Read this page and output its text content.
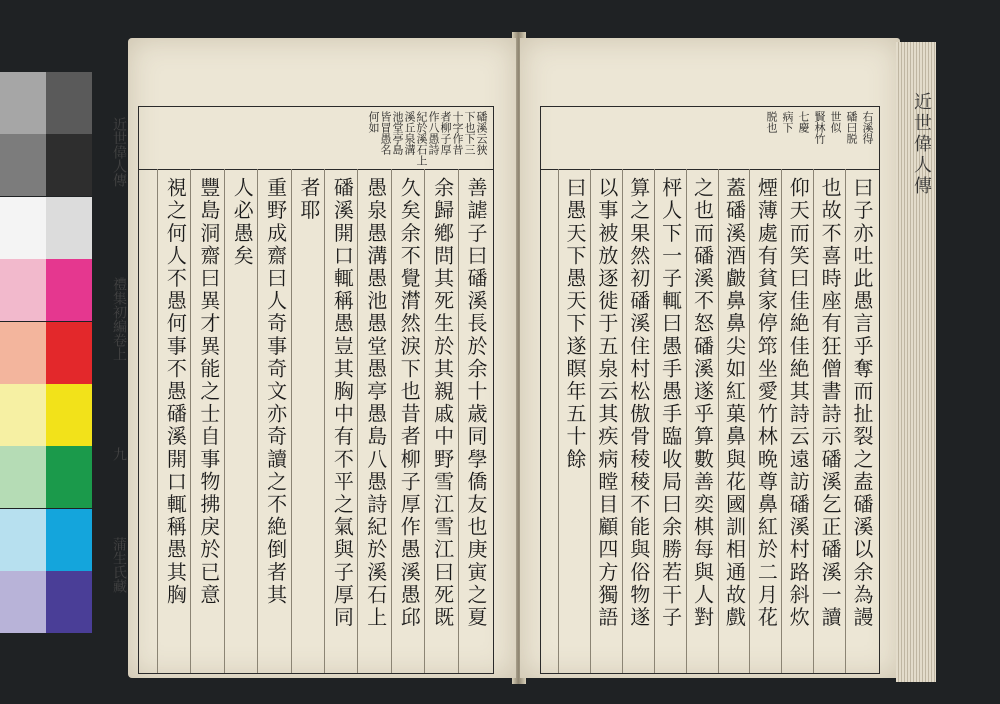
磻溪云狹
下也下三
十字作昔
者柳子厚
作八愚詩
紀於溪石上
溪丘泉溝
池堂亭島
皆冒愚名
何如
善謔子曰磻溪長於余十歳同學僑友也庚寅之夏
余歸鄕問其死生於其親戚中野雪江雪江曰死既
久矣余不覺潸然淚下也昔者柳子厚作愚溪愚邱
愚泉愚溝愚池愚堂愚亭愚島八愚詩紀於溪石上
磻溪開口輒稱愚豈其胸中有不平之氣與子厚同
者耶
重野成齋曰人奇事奇文亦奇讀之不絶倒者其
人必愚矣
豐島洞齋曰異才異能之士自事物拂戾於已意
視之何人不愚何事不愚磻溪開口輒稱愚其胸
近世偉人傳
禮集初編卷上
九
蒲生氏藏
右溪得
磻曰脱
世似
賢林竹
七慶
病下
脱也
曰子亦吐此愚言乎奪而扯裂之盍磻溪以余為謾
也故不喜時座有狂僧書詩示磻溪乞正磻溪一讀
仰天而笑曰佳絶佳絶其詩云遠訪磻溪村路斜炊
煙薄處有貧家停筇坐愛竹林晩尊鼻紅於二月花
蓋磻溪酒皻鼻鼻尖如紅菓鼻與花國訓相通故戲
之也而磻溪不怒磻溪遂乎算數善奕棋每與人對
枰人下一子輒曰愚手愚手臨收局曰余勝若干子
算之果然初磻溪住村松傲骨稜稜不能與俗物遂
以事被放逐徙于五泉云其疾病瞠目顧四方獨語
曰愚天下愚天下遂瞑年五十餘
近世偉人傳
